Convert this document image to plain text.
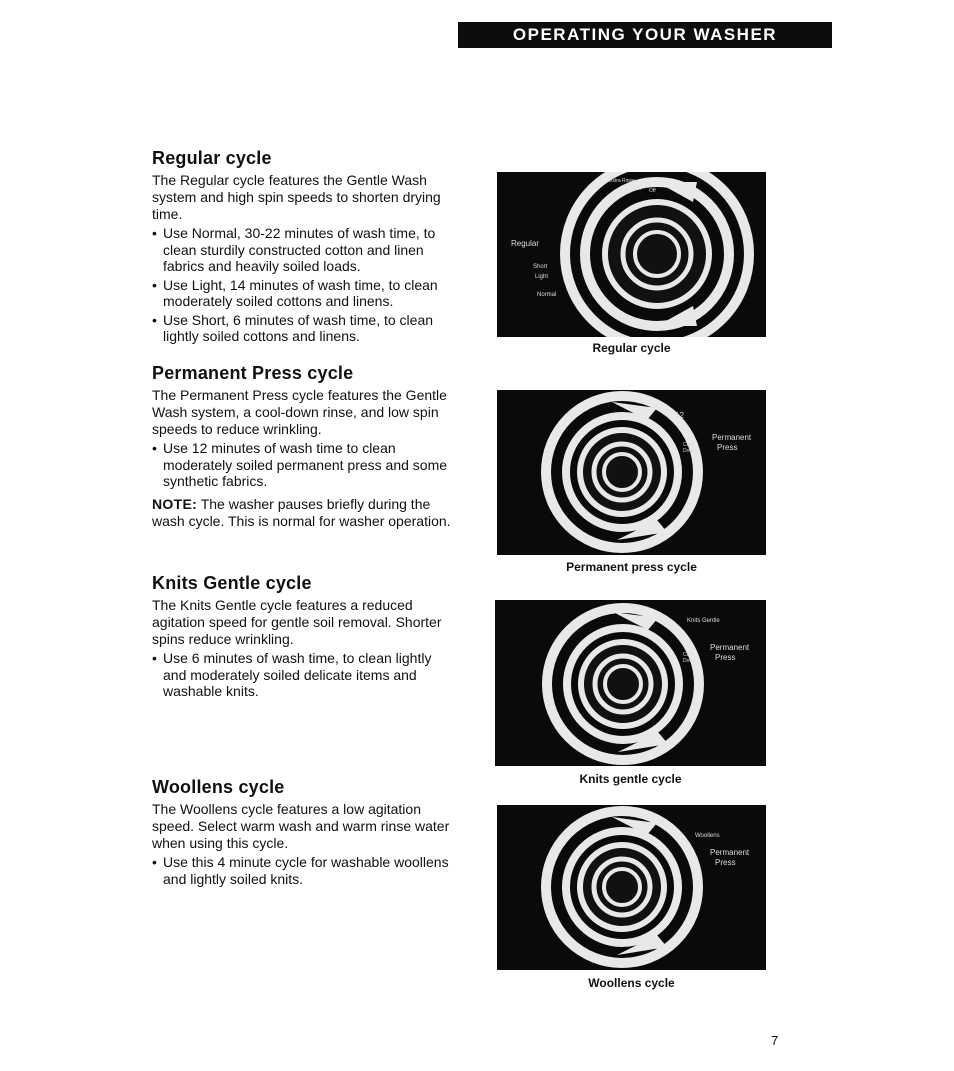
OPERATING YOUR WASHER
Regular cycle

The Regular cycle features the Gentle Wash system and high spin speeds to shorten drying time.

• Use Normal, 30-22 minutes of wash time, to clean sturdily constructed cotton and linen fabrics and heavily soiled loads.
• Use Light, 14 minutes of wash time, to clean moderately soiled cottons and linens.
• Use Short, 6 minutes of wash time, to clean lightly soiled cottons and linens.
Permanent Press cycle

The Permanent Press cycle features the Gentle Wash system, a cool-down rinse, and low spin speeds to reduce wrinkling.

• Use 12 minutes of wash time to clean moderately soiled permanent press and some synthetic fabrics.

NOTE: The washer pauses briefly during the wash cycle. This is normal for washer operation.

Knits Gentle cycle

The Knits Gentle cycle features a reduced agitation speed for gentle soil removal. Shorter spins reduce wrinkling.

• Use 6 minutes of wash time, to clean lightly and moderately soiled delicate items and washable knits.
Woollens cycle

The Woollens cycle features a low agitation speed. Select warm wash and warm rinse water when using this cycle.

• Use this 4 minute cycle for washable woollens and lightly soiled knits.
Regular
Short
Light
Normal
Extra Rinse
Spin Off
Regular cycle
Permanent
Press
12
Cool
Down
Permanent press cycle
Knits Gentle
Permanent
Press
Cool
Down
Knits gentle cycle
Woollens
Permanent
Press
Woollens cycle
7
